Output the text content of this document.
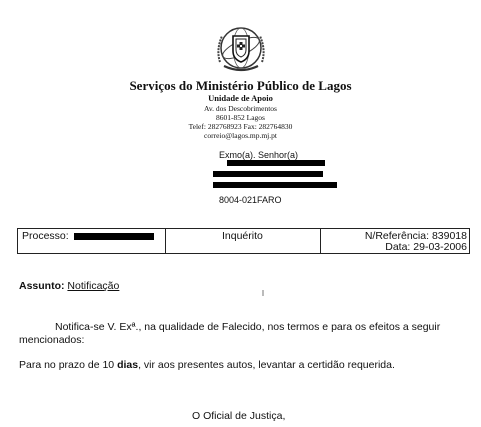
Serviços do Ministério Público de Lagos
Unidade de Apoio
Av. dos Descobrimentos
8601-852 Lagos
Telef: 282768923 Fax: 282764830
correio@lagos.mp.mj.pt
Exmo(a). Senhor(a)
8004-021FARO
Processo:	Inquérito	N/Referência: 839018
Data: 29-03-2006
Assunto: Notificação
Notifica-se V. Exª., na qualidade de Falecido, nos termos e para os efeitos a seguir
mencionados:
Para no prazo de 10 dias, vir aos presentes autos, levantar a certidão requerida.
O Oficial de Justiça,
